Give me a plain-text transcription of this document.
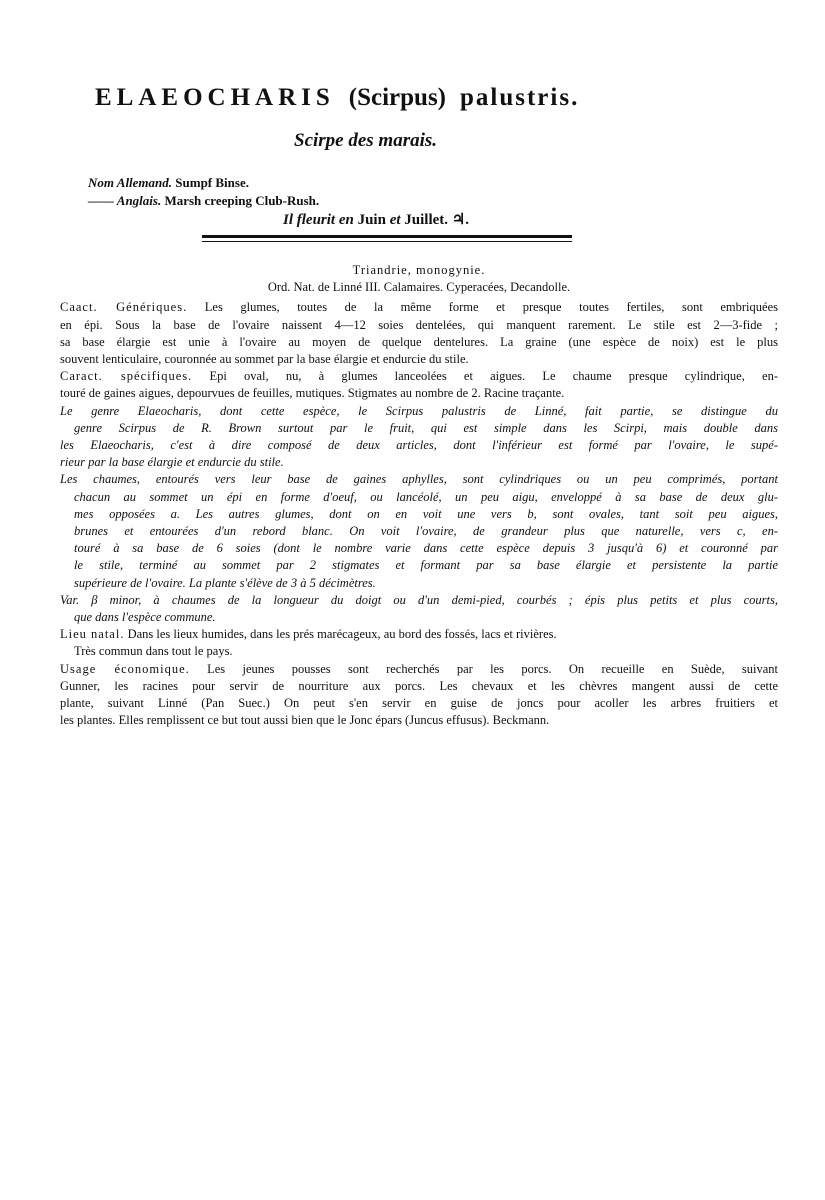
ELAEOCHARIS (Scirpus) palustris.
Scirpe des marais.
Nom Allemand. Sumpf Binse.
—— Anglais. Marsh creeping Club-Rush.
Il fleurit en Juin et Juillet. ♃.
Triandrie, monogynie.
Ord. Nat. de Linné III. Calamaires. Cyperacées, Decandolle.
Caact. Génériques. Les glumes, toutes de la même forme et presque toutes fertiles, sont embriquées
en épi. Sous la base de l'ovaire naissent 4—12 soies dentelées, qui manquent rarement. Le stile est 2—3-fide ;
sa base élargie est unie à l'ovaire au moyen de quelque dentelures. La graine (une espèce de noix) est le plus
souvent lenticulaire, couronnée au sommet par la base élargie et endurcie du stile.
Caract. spécifiques. Epi oval, nu, à glumes lanceolées et aigues. Le chaume presque cylindrique, en-
touré de gaines aigues, depourvues de feuilles, mutiques. Stigmates au nombre de 2. Racine traçante.
Le genre Elaeocharis, dont cette espèce, le Scirpus palustris de Linné, fait partie, se distingue du
genre Scirpus de R. Brown surtout par le fruit, qui est simple dans les Scirpi, mais double dans
les Elaeocharis, c'est à dire composé de deux articles, dont l'inférieur est formé par l'ovaire, le supé-
rieur par la base élargie et endurcie du stile.
Les chaumes, entourés vers leur base de gaines aphylles, sont cylindriques ou un peu comprimés, portant
chacun au sommet un épi en forme d'oeuf, ou lancéolé, un peu aigu, enveloppé à sa base de deux glu-
mes opposées a. Les autres glumes, dont on en voit une vers b, sont ovales, tant soit peu aigues,
brunes et entourées d'un rebord blanc. On voit l'ovaire, de grandeur plus que naturelle, vers c, en-
touré à sa base de 6 soies (dont le nombre varie dans cette espèce depuis 3 jusqu'à 6) et couronné par
le stile, terminé au sommet par 2 stigmates et formant par sa base élargie et persistente la partie
supérieure de l'ovaire. La plante s'élève de 3 à 5 décimètres.
Var. β minor, à chaumes de la longueur du doigt ou d'un demi-pied, courbés ; épis plus petits et plus courts,
que dans l'espèce commune.
Lieu natal. Dans les lieux humides, dans les prés marécageux, au bord des fossés, lacs et rivières.
Très commun dans tout le pays.
Usage économique. Les jeunes pousses sont recherchés par les porcs. On recueille en Suède, suivant
Gunner, les racines pour servir de nourriture aux porcs. Les chevaux et les chèvres mangent aussi de cette
plante, suivant Linné (Pan Suec.) On peut s'en servir en guise de joncs pour acoller les arbres fruitiers et
les plantes. Elles remplissent ce but tout aussi bien que le Jonc épars (Juncus effusus). Beckmann.
